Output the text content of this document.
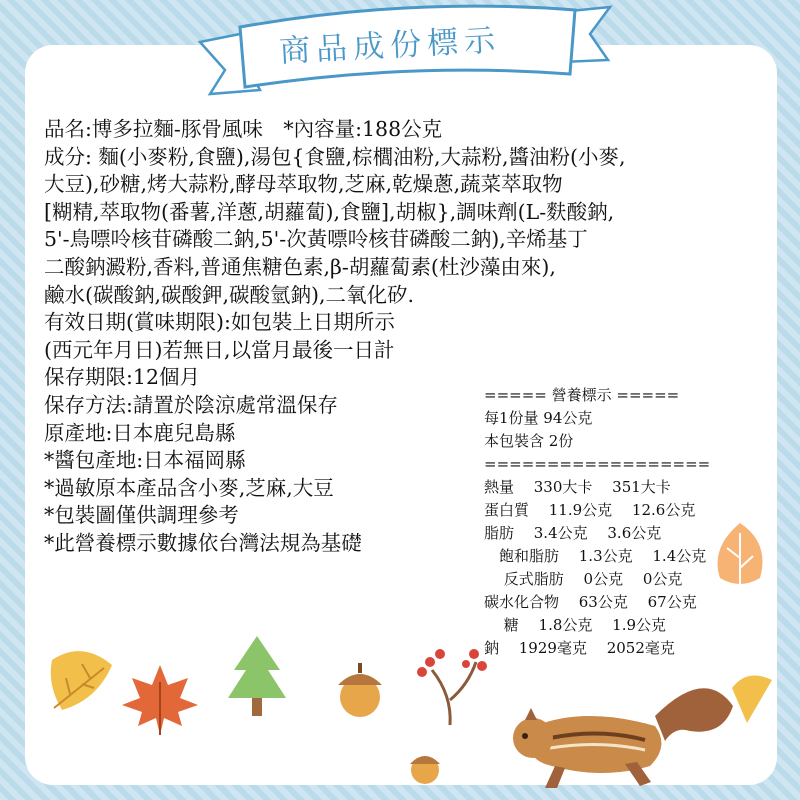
商品成份標示
品名:博多拉麵-豚骨風味　*內容量:188公克
成分: 麵(小麥粉,食鹽),湯包{食鹽,棕櫚油粉,大蒜粉,醬油粉(小麥,
大豆),砂糖,烤大蒜粉,酵母萃取物,芝麻,乾燥蔥,蔬菜萃取物
[糊精,萃取物(番薯,洋蔥,胡蘿蔔),食鹽],胡椒},調味劑(L-麩酸鈉,
5'-鳥嘌呤核苷磷酸二鈉,5'-次黃嘌呤核苷磷酸二鈉),辛烯基丁
二酸鈉澱粉,香料,普通焦糖色素,β-胡蘿蔔素(杜沙藻由來),
鹼水(碳酸鈉,碳酸鉀,碳酸氫鈉),二氧化矽.
有效日期(賞味期限):如包裝上日期所示
(西元年月日)若無日,以當月最後一日計
保存期限:12個月
保存方法:請置於陰涼處常溫保存
原產地:日本鹿兒島縣
*醬包產地:日本福岡縣
*過敏原本產品含小麥,芝麻,大豆
*包裝圖僅供調理參考
*此營養標示數據依台灣法規為基礎
===== 營養標示 =====
每1份量 94公克
本包裝含 2份
==================
熱量　 330大卡　 351大卡
蛋白質　 11.9公克　 12.6公克
脂肪　 3.4公克　 3.6公克
　飽和脂肪　 1.3公克　 1.4公克
　 反式脂肪　 0公克　 0公克
碳水化合物　 63公克　 67公克
　 糖　 1.8公克　 1.9公克
鈉　 1929毫克　 2052毫克
